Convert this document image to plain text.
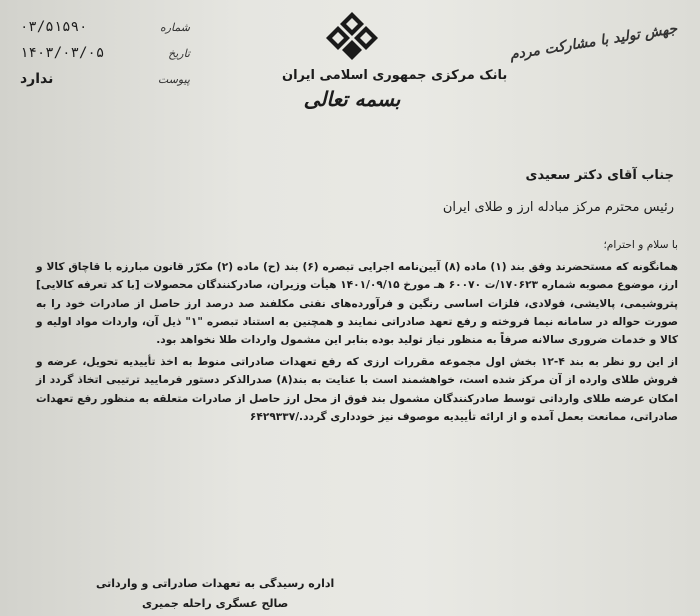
۰۳/۵۱۵۹۰	شماره
۱۴۰۳/۰۳/۰۵	تاریخ
ندارد	پیوست	بانک مرکزی جمهوری اسلامی ایران
بسمه تعالی
جهش تولید با مشارکت مردم
جناب آقای دکتر سعیدی
رئیس محترم مرکز مبادله ارز و طلای ایران

با سلام و احترام؛

همانگونه که مستحضرند وفق بند (۱) ماده (۸) آیین‌نامه اجرایی تبصره (۶) بند (ح) ماده (۲) مکرّر قانون مبارزه با قاچاق کالا و ارز، موضوع مصوبه شماره ۱۷۰۶۲۳/ت ۶۰۰۷۰ هـ مورخ ۱۴۰۱/۰۹/۱۵ هیأت وزیران، صادرکنندگان محصولات [با کد تعرفه کالایی] پتروشیمی، پالایشی، فولادی، فلزات اساسی رنگین و فرآورده‌های نفتی مکلفند صد درصد ارز حاصل از صادرات خود را به صورت حواله در سامانه نیما فروخته و رفع تعهد صادراتی نمایند و همچنین به استناد تبصره "۱" ذیل آن، واردات مواد اولیه و کالا و خدمات ضروری سالانه صرفاً به منظور نیاز تولید بوده بنابر این مشمول واردات طلا نخواهد بود.

از این رو نظر به بند ۴-۱۲ بخش اول مجموعه مقررات ارزی که رفع تعهدات صادراتی منوط به اخذ تأییدیه تحویل، عرضه و فروش طلای وارده از آن مرکز شده است، خواهشمند است با عنایت به بند(۸) صدرالذکر دستور فرمایید ترتیبی اتخاذ گردد از امکان عرضه طلای وارداتی توسط صادرکنندگان مشمول بند فوق از محل ارز حاصل از صادرات متعلقه به منظور رفع تعهدات صادراتی، ممانعت بعمل آمده و از ارائه تأییدیه موصوف نیز خودداری گردد./۶۴۲۹۳۳۷

اداره رسیدگی به تعهدات صادراتی و وارداتی
صالح عسگری راحله جمیری
